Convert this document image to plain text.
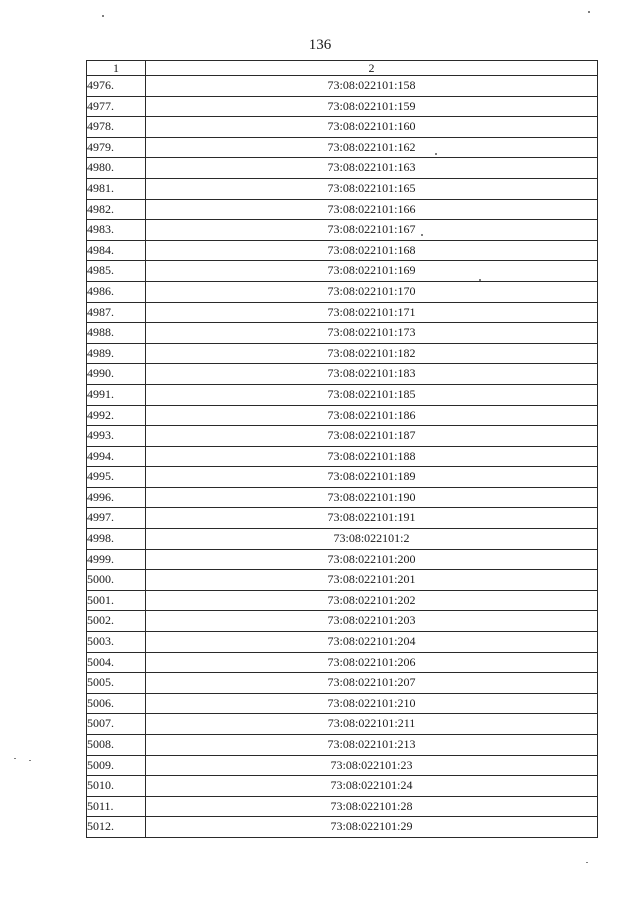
136
1	2
4976.	73:08:022101:158
4977.	73:08:022101:159
4978.	73:08:022101:160
4979.	73:08:022101:162
4980.	73:08:022101:163
4981.	73:08:022101:165
4982.	73:08:022101:166
4983.	73:08:022101:167
4984.	73:08:022101:168
4985.	73:08:022101:169
4986.	73:08:022101:170
4987.	73:08:022101:171
4988.	73:08:022101:173
4989.	73:08:022101:182
4990.	73:08:022101:183
4991.	73:08:022101:185
4992.	73:08:022101:186
4993.	73:08:022101:187
4994.	73:08:022101:188
4995.	73:08:022101:189
4996.	73:08:022101:190
4997.	73:08:022101:191
4998.	73:08:022101:2
4999.	73:08:022101:200
5000.	73:08:022101:201
5001.	73:08:022101:202
5002.	73:08:022101:203
5003.	73:08:022101:204
5004.	73:08:022101:206
5005.	73:08:022101:207
5006.	73:08:022101:210
5007.	73:08:022101:211
5008.	73:08:022101:213
5009.	73:08:022101:23
5010.	73:08:022101:24
5011.	73:08:022101:28
5012.	73:08:022101:29
